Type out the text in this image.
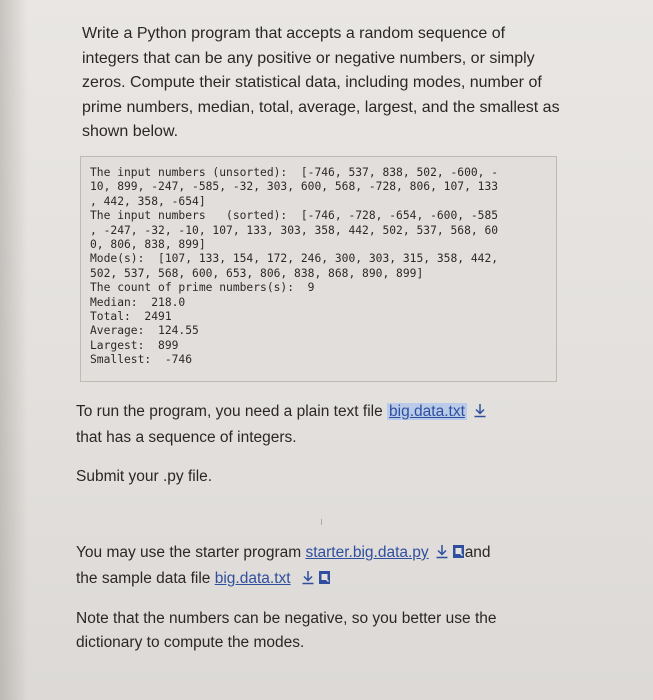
Write a Python program that accepts a random sequence of integers that can be any positive or negative numbers, or simply zeros. Compute their statistical data, including modes, number of prime numbers, median, total, average, largest, and the smallest as shown below.

The input numbers (unsorted):  [-746, 537, 838, 502, -600, -

10, 899, -247, -585, -32, 303, 600, 568, -728, 806, 107, 133

, 442, 358, -654]

The input numbers   (sorted):  [-746, -728, -654, -600, -585

, -247, -32, -10, 107, 133, 303, 358, 442, 502, 537, 568, 60

0, 806, 838, 899]

Mode(s):  [107, 133, 154, 172, 246, 300, 303, 315, 358, 442,

502, 537, 568, 600, 653, 806, 838, 868, 890, 899]

The count of prime numbers(s):  9

Median:  218.0

Total:  2491

Average:  124.55

Largest:  899

Smallest:  -746

To run the program, you need a plain text file big.data.txt
that has a sequence of integers.

Submit your .py file.

You may use the starter program starter.big.data.py and
the sample data file big.data.txt

Note that the numbers can be negative, so you better use the dictionary to compute the modes.
